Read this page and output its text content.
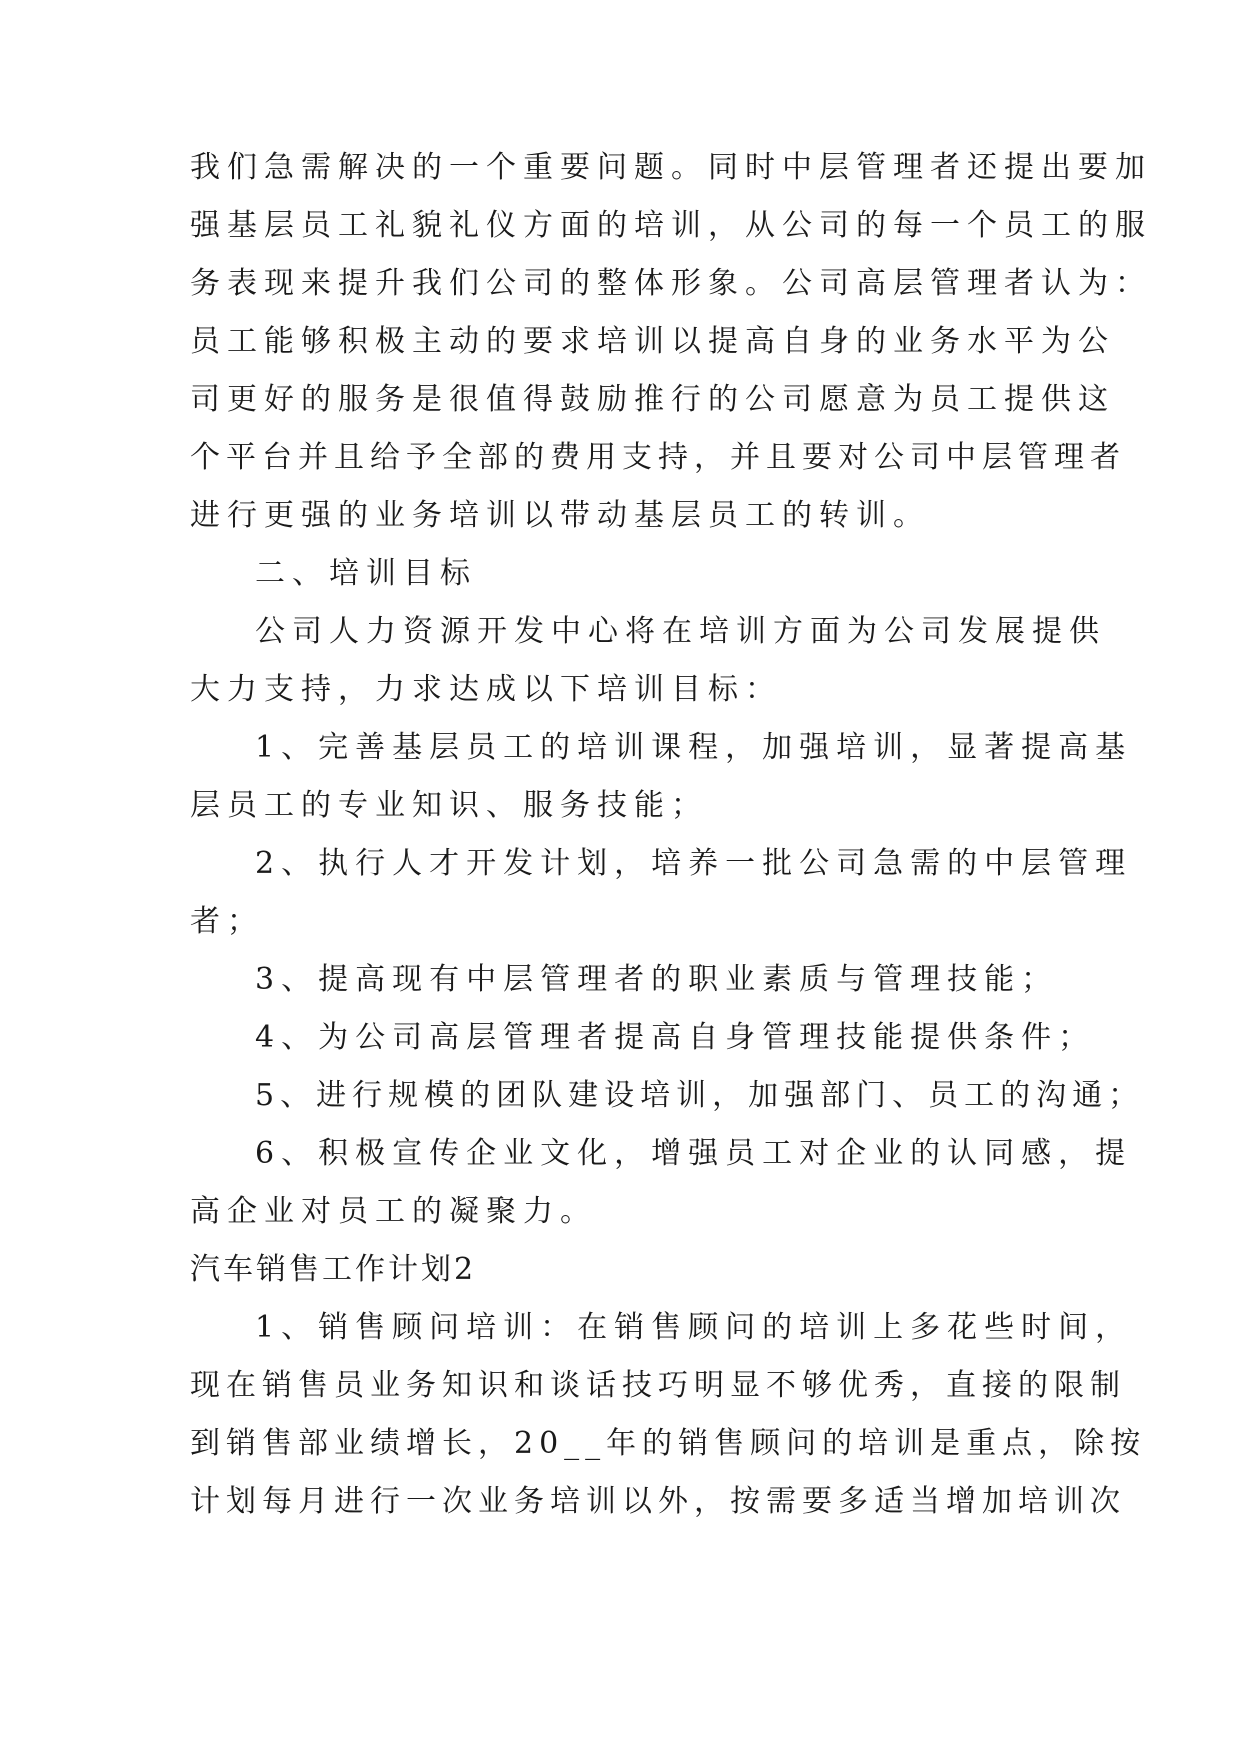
我们急需解决的一个重要问题。同时中层管理者还提出要加
强基层员工礼貌礼仪方面的培训，从公司的每一个员工的服
务表现来提升我们公司的整体形象。公司高层管理者认为：
员工能够积极主动的要求培训以提高自身的业务水平为公
司更好的服务是很值得鼓励推行的公司愿意为员工提供这
个平台并且给予全部的费用支持，并且要对公司中层管理者
进行更强的业务培训以带动基层员工的转训。
二、培训目标
公司人力资源开发中心将在培训方面为公司发展提供
大力支持，力求达成以下培训目标：
1、完善基层员工的培训课程，加强培训，显著提高基
层员工的专业知识、服务技能；
2、执行人才开发计划，培养一批公司急需的中层管理
者；
3、提高现有中层管理者的职业素质与管理技能；
4、为公司高层管理者提高自身管理技能提供条件；
5、进行规模的团队建设培训，加强部门、员工的沟通；
6、积极宣传企业文化，增强员工对企业的认同感，提
高企业对员工的凝聚力。
汽车销售工作计划2
1、销售顾问培训：在销售顾问的培训上多花些时间，
现在销售员业务知识和谈话技巧明显不够优秀，直接的限制
到销售部业绩增长，20__年的销售顾问的培训是重点，除按
计划每月进行一次业务培训以外，按需要多适当增加培训次
